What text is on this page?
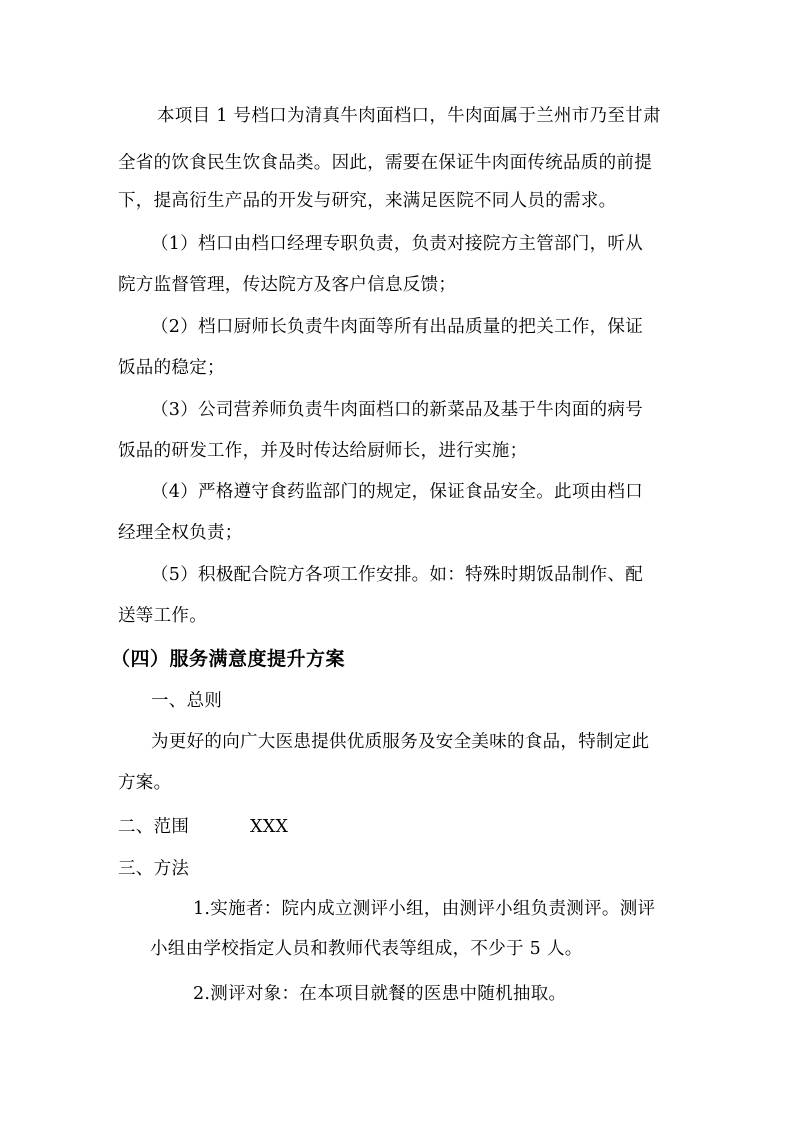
本项目 1 号档口为清真牛肉面档口，牛肉面属于兰州市乃至甘肃
全省的饮食民生饮食品类。因此，需要在保证牛肉面传统品质的前提
下，提高衍生产品的开发与研究，来满足医院不同人员的需求。
（1）档口由档口经理专职负责，负责对接院方主管部门，听从
院方监督管理，传达院方及客户信息反馈；
（2）档口厨师长负责牛肉面等所有出品质量的把关工作，保证
饭品的稳定；
（3）公司营养师负责牛肉面档口的新菜品及基于牛肉面的病号
饭品的研发工作，并及时传达给厨师长，进行实施；
（4）严格遵守食药监部门的规定，保证食品安全。此项由档口
经理全权负责；
（5）积极配合院方各项工作安排。如：特殊时期饭品制作、配
送等工作。
（四）服务满意度提升方案
一、总则
为更好的向广大医患提供优质服务及安全美味的食品，特制定此
方案。
二、范围	XXX
三、方法
1.实施者：院内成立测评小组，由测评小组负责测评。测评
小组由学校指定人员和教师代表等组成，不少于 5 人。
2.测评对象：在本项目就餐的医患中随机抽取。
